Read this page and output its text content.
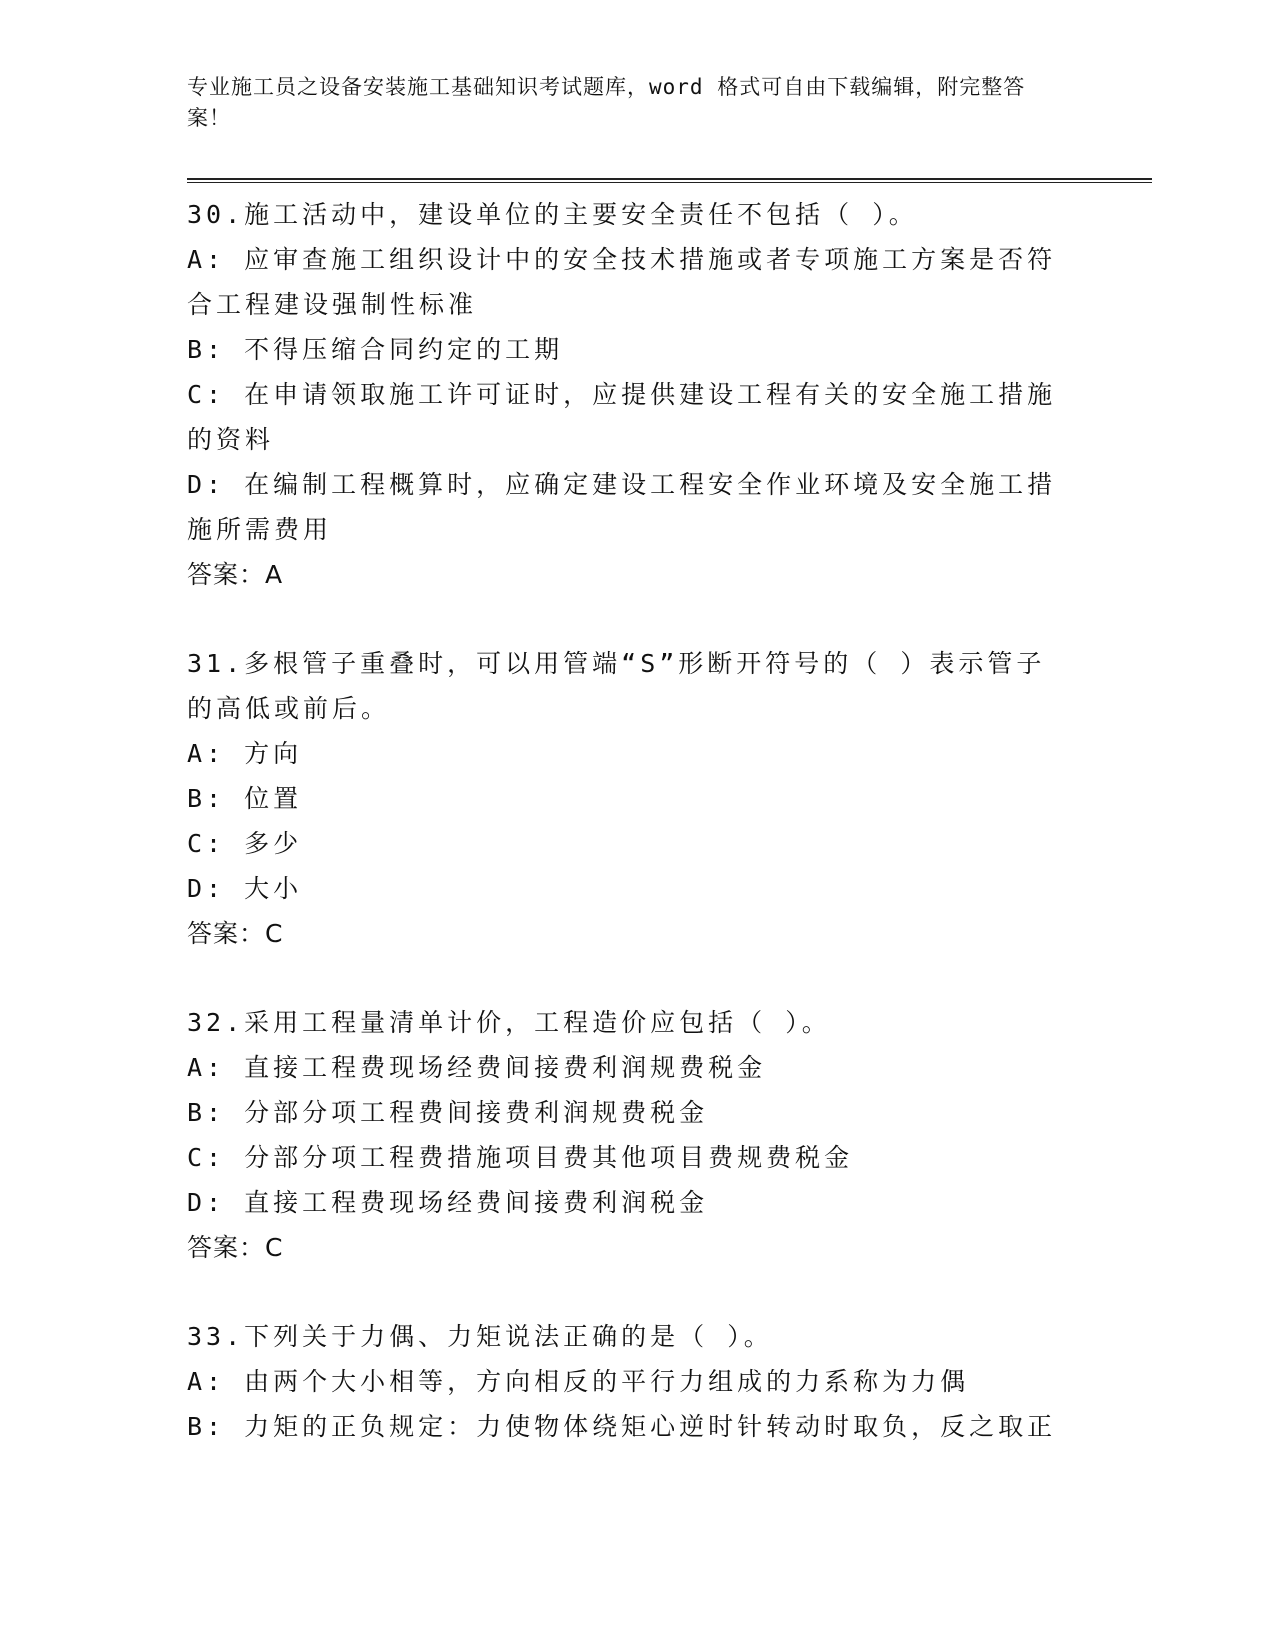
专业施工员之设备安装施工基础知识考试题库，word 格式可自由下载编辑，附完整答案！
30.施工活动中，建设单位的主要安全责任不包括（ ）。
A: 应审查施工组织设计中的安全技术措施或者专项施工方案是否符合工程建设强制性标准
B: 不得压缩合同约定的工期
C: 在申请领取施工许可证时，应提供建设工程有关的安全施工措施的资料
D: 在编制工程概算时，应确定建设工程安全作业环境及安全施工措施所需费用
答案：A
31.多根管子重叠时，可以用管端“S”形断开符号的（ ）表示管子的高低或前后。
A: 方向
B: 位置
C: 多少
D: 大小
答案：C
32.采用工程量清单计价，工程造价应包括（ ）。
A: 直接工程费现场经费间接费利润规费税金
B: 分部分项工程费间接费利润规费税金
C: 分部分项工程费措施项目费其他项目费规费税金
D: 直接工程费现场经费间接费利润税金
答案：C
33.下列关于力偶、力矩说法正确的是（ ）。
A: 由两个大小相等，方向相反的平行力组成的力系称为力偶
B: 力矩的正负规定：力使物体绕矩心逆时针转动时取负，反之取正
